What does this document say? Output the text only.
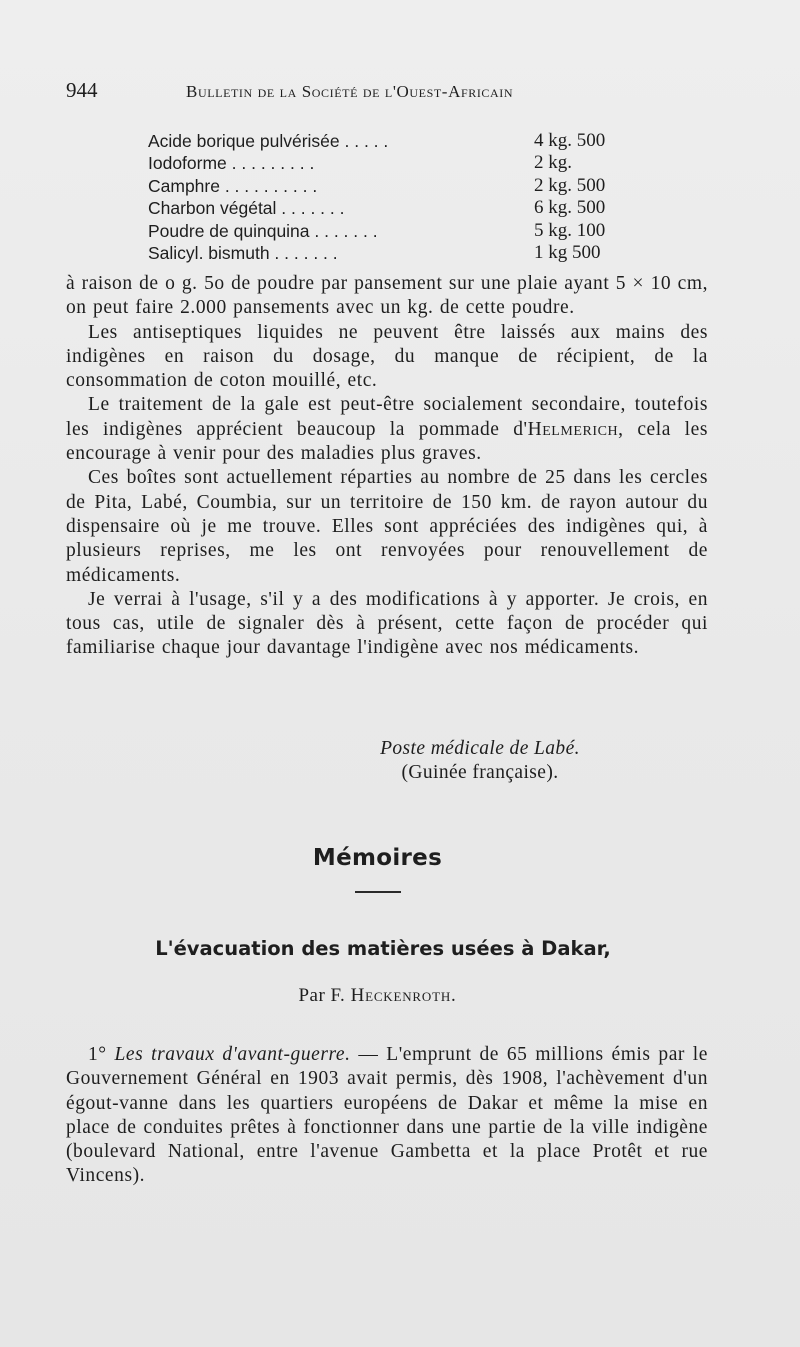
944	Bulletin de la Société de l'Ouest-Africain
Acide borique pulvérisée . . . . .	4 kg. 500
Iodoforme . . . . . . . . .	2 kg.
Camphre . . . . . . . . . .	2 kg. 500
Charbon végétal . . . . . . .	6 kg. 500
Poudre de quinquina . . . . . . .	5 kg. 100
Salicyl. bismuth . . . . . . .	1 kg 500

à raison de o g. 5o de poudre par pansement sur une plaie ayant 5 × 10 cm, on peut faire 2.000 pansements avec un kg. de cette poudre.

Les antiseptiques liquides ne peuvent être laissés aux mains des indigènes en raison du dosage, du manque de récipient, de la consommation de coton mouillé, etc.

Le traitement de la gale est peut-être socialement secondaire, toutefois les indigènes apprécient beaucoup la pommade d'Helmerich, cela les encourage à venir pour des maladies plus graves.

Ces boîtes sont actuellement réparties au nombre de 25 dans les cercles de Pita, Labé, Coumbia, sur un territoire de 150 km. de rayon autour du dispensaire où je me trouve. Elles sont appréciées des indigènes qui, à plusieurs reprises, me les ont renvoyées pour renouvellement de médicaments.

Je verrai à l'usage, s'il y a des modifications à y apporter. Je crois, en tous cas, utile de signaler dès à présent, cette façon de procéder qui familiarise chaque jour davantage l'indigène avec nos médicaments.

Poste médicale de Labé.
(Guinée française).
Mémoires
L'évacuation des matières usées à Dakar,
Par F. Heckenroth.

1° Les travaux d'avant-guerre. — L'emprunt de 65 millions émis par le Gouvernement Général en 1903 avait permis, dès 1908, l'achèvement d'un égout-vanne dans les quartiers européens de Dakar et même la mise en place de conduites prêtes à fonctionner dans une partie de la ville indigène (boulevard National, entre l'avenue Gambetta et la place Protêt et rue Vincens).
